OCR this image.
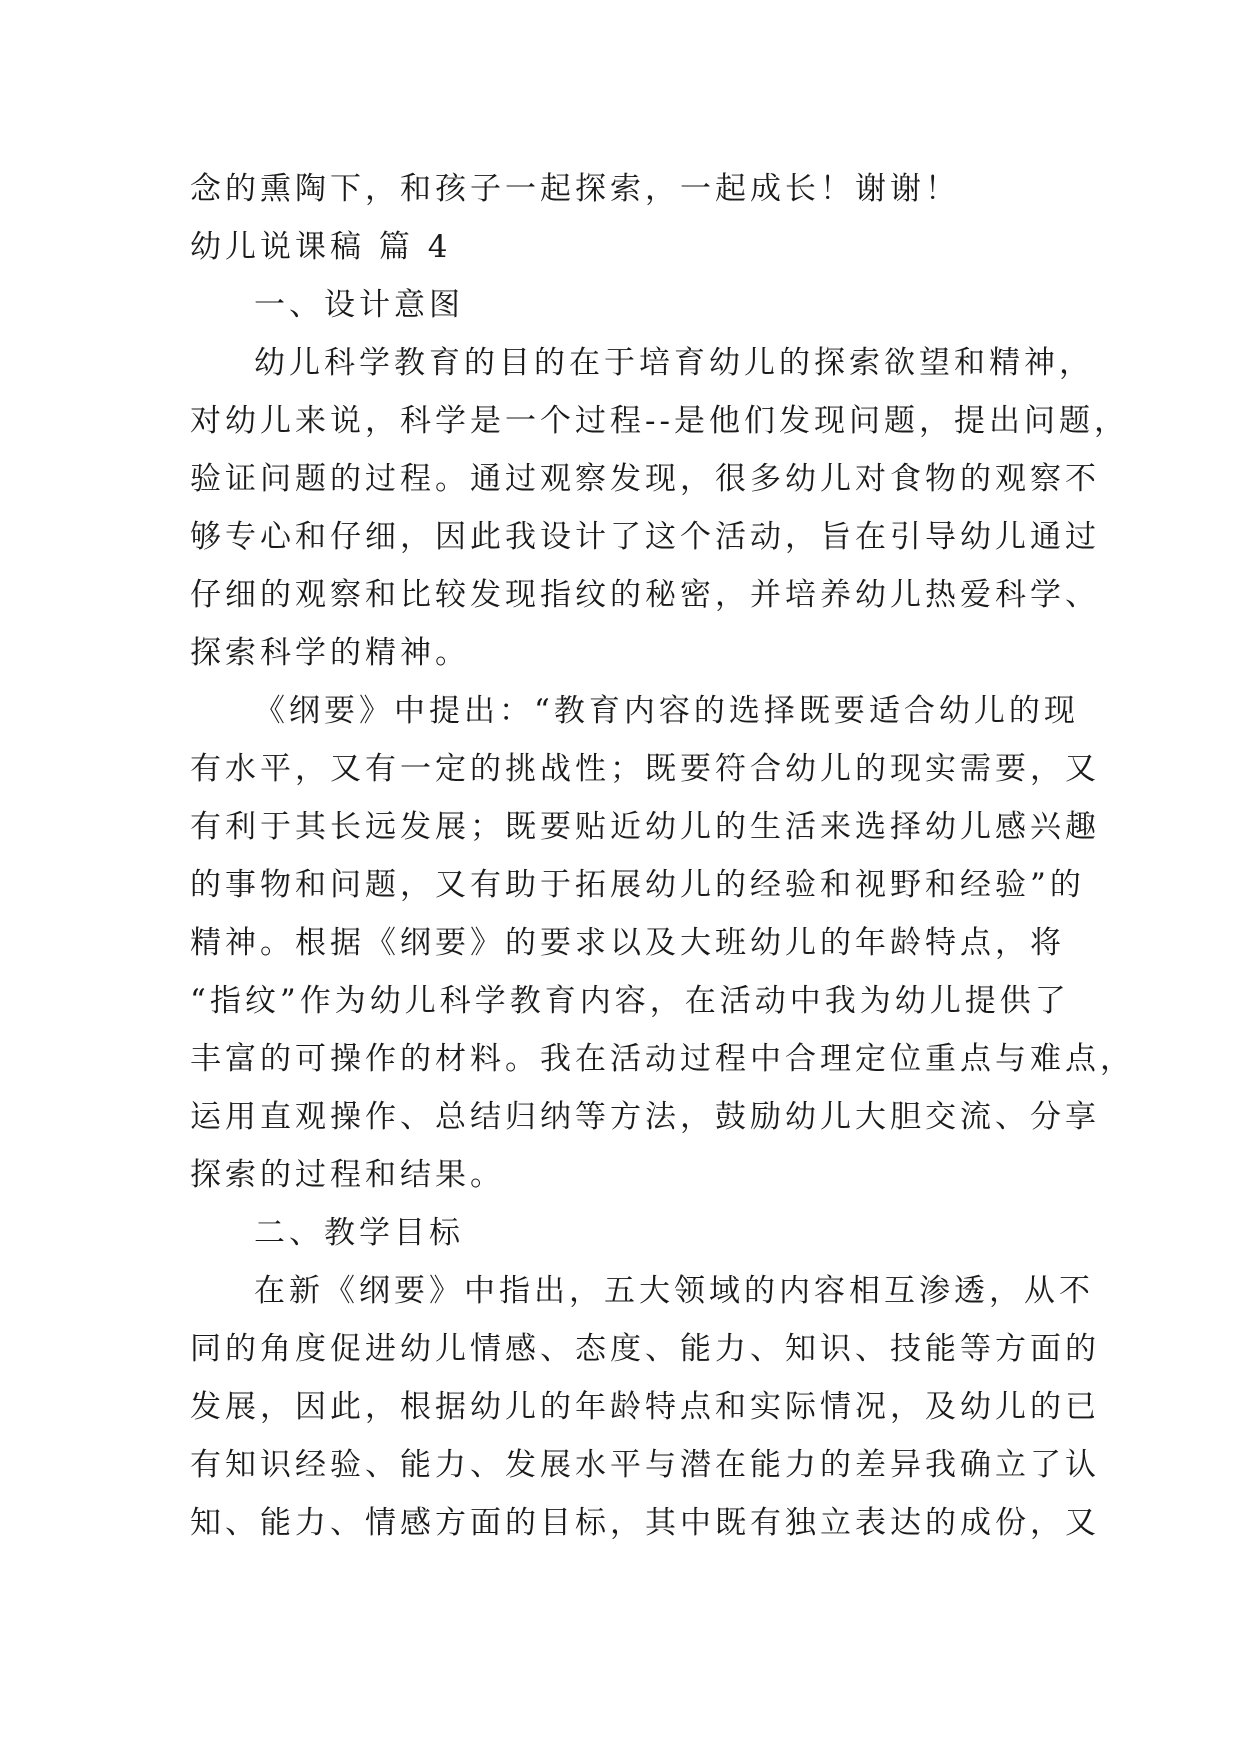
念的熏陶下，和孩子一起探索，一起成长！谢谢！
幼儿说课稿 篇 4
一、设计意图
幼儿科学教育的目的在于培育幼儿的探索欲望和精神，
对幼儿来说，科学是一个过程--是他们发现问题，提出问题，
验证问题的过程。通过观察发现，很多幼儿对食物的观察不
够专心和仔细，因此我设计了这个活动，旨在引导幼儿通过
仔细的观察和比较发现指纹的秘密，并培养幼儿热爱科学、
探索科学的精神。
《纲要》中提出：“教育内容的选择既要适合幼儿的现
有水平，又有一定的挑战性；既要符合幼儿的现实需要，又
有利于其长远发展；既要贴近幼儿的生活来选择幼儿感兴趣
的事物和问题，又有助于拓展幼儿的经验和视野和经验”的
精神。根据《纲要》的要求以及大班幼儿的年龄特点，将
“指纹”作为幼儿科学教育内容，在活动中我为幼儿提供了
丰富的可操作的材料。我在活动过程中合理定位重点与难点，
运用直观操作、总结归纳等方法，鼓励幼儿大胆交流、分享
探索的过程和结果。
二、教学目标
在新《纲要》中指出，五大领域的内容相互渗透，从不
同的角度促进幼儿情感、态度、能力、知识、技能等方面的
发展，因此，根据幼儿的年龄特点和实际情况，及幼儿的已
有知识经验、能力、发展水平与潜在能力的差异我确立了认
知、能力、情感方面的目标，其中既有独立表达的成份，又
